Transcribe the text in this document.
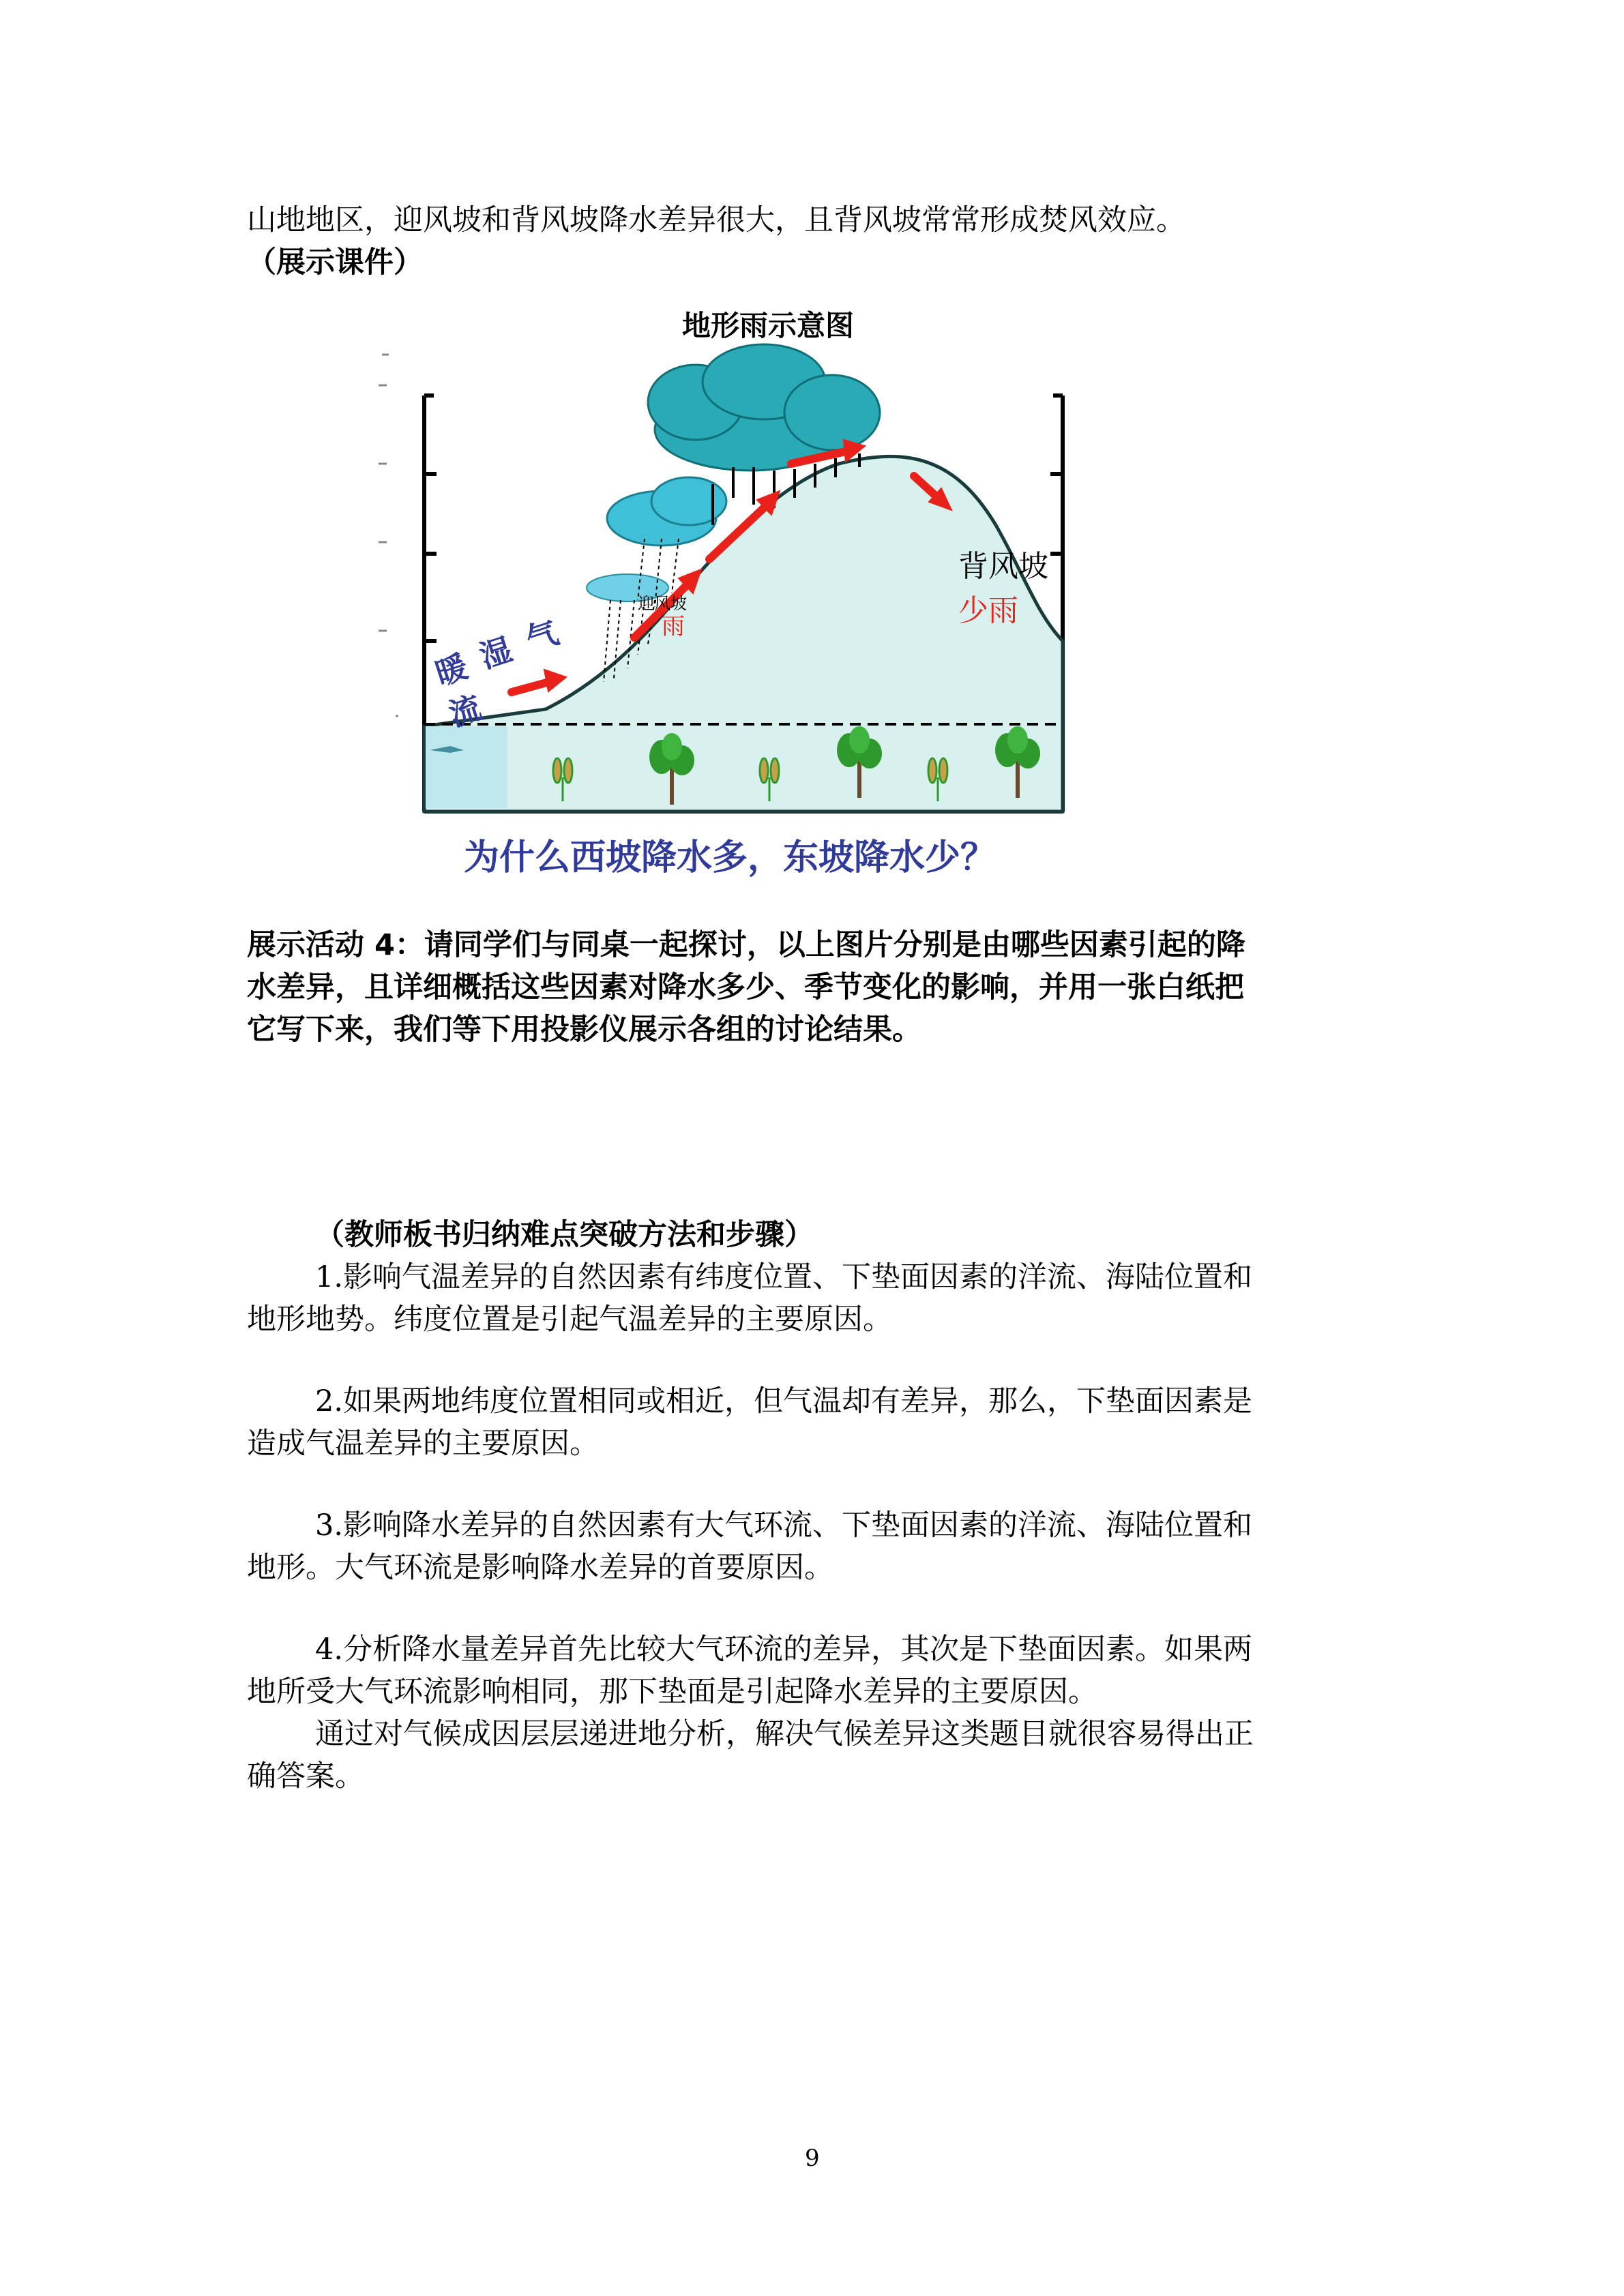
山地地区，迎风坡和背风坡降水差异很大，且背风坡常常形成焚风效应。
（展示课件）
地形雨示意图
暖 湿 气
流
迎风坡
雨
背风坡
少雨
为什么西坡降水多，东坡降水少？
展示活动 4：请同学们与同桌一起探讨，以上图片分别是由哪些因素引起的降
水差异，且详细概括这些因素对降水多少、季节变化的影响，并用一张白纸把
它写下来，我们等下用投影仪展示各组的讨论结果。
（教师板书归纳难点突破方法和步骤）
1.影响气温差异的自然因素有纬度位置、下垫面因素的洋流、海陆位置和
地形地势。纬度位置是引起气温差异的主要原因。
2.如果两地纬度位置相同或相近，但气温却有差异，那么，下垫面因素是
造成气温差异的主要原因。
3.影响降水差异的自然因素有大气环流、下垫面因素的洋流、海陆位置和
地形。大气环流是影响降水差异的首要原因。
4.分析降水量差异首先比较大气环流的差异，其次是下垫面因素。如果两
地所受大气环流影响相同，那下垫面是引起降水差异的主要原因。
通过对气候成因层层递进地分析，解决气候差异这类题目就很容易得出正
确答案。
9
